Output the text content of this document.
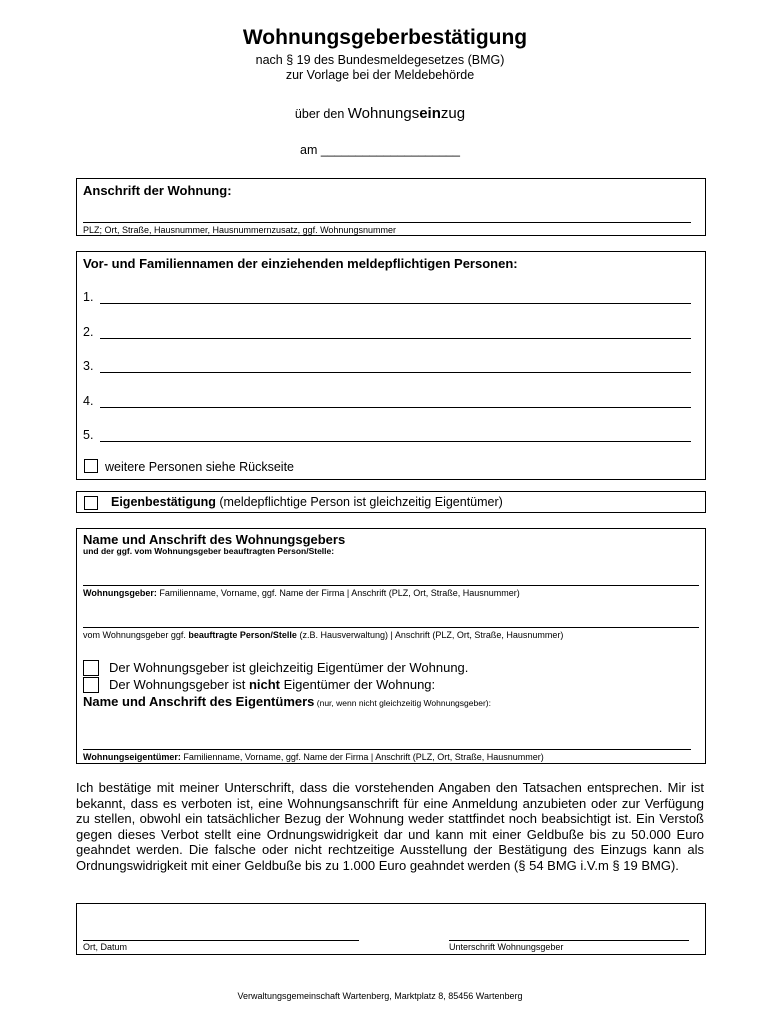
Wohnungsgeberbestätigung
nach § 19 des Bundesmeldegesetzes (BMG)
zur Vorlage bei der Meldebehörde
über den Wohnungseinzug
am ____________________
Anschrift der Wohnung:
PLZ; Ort, Straße, Hausnummer, Hausnummernzusatz, ggf. Wohnungsnummer
Vor- und Familiennamen der einziehenden meldepflichtigen Personen:
1.
2.
3.
4.
5.
weitere Personen siehe Rückseite
Eigenbestätigung (meldepflichtige Person ist gleichzeitig Eigentümer)
Name und Anschrift des Wohnungsgebers
und der ggf. vom Wohnungsgeber beauftragten Person/Stelle:
Wohnungsgeber: Familienname, Vorname, ggf. Name der Firma | Anschrift (PLZ, Ort, Straße, Hausnummer)
vom Wohnungsgeber ggf. beauftragte Person/Stelle (z.B. Hausverwaltung) | Anschrift (PLZ, Ort, Straße, Hausnummer)
Der Wohnungsgeber ist gleichzeitig Eigentümer der Wohnung.
Der Wohnungsgeber ist nicht Eigentümer der Wohnung:
Name und Anschrift des Eigentümers (nur, wenn nicht gleichzeitig Wohnungsgeber):
Wohnungseigentümer: Familienname, Vorname, ggf. Name der Firma | Anschrift (PLZ, Ort, Straße, Hausnummer)
Ich bestätige mit meiner Unterschrift, dass die vorstehenden Angaben den Tatsachen entsprechen. Mir ist bekannt, dass es verboten ist, eine Wohnungsanschrift für eine Anmeldung anzubieten oder zur Verfügung zu stellen, obwohl ein tatsächlicher Bezug der Wohnung weder stattfindet noch beabsichtigt ist. Ein Verstoß gegen dieses Verbot stellt eine Ordnungswidrigkeit dar und kann mit einer Geldbuße bis zu 50.000 Euro geahndet werden. Die falsche oder nicht rechtzeitige Ausstellung der Bestätigung des Einzugs kann als Ordnungswidrigkeit mit einer Geldbuße bis zu 1.000 Euro geahndet werden (§ 54 BMG i.V.m § 19 BMG).
Ort, Datum	Unterschrift Wohnungsgeber
Verwaltungsgemeinschaft Wartenberg, Marktplatz 8, 85456 Wartenberg
